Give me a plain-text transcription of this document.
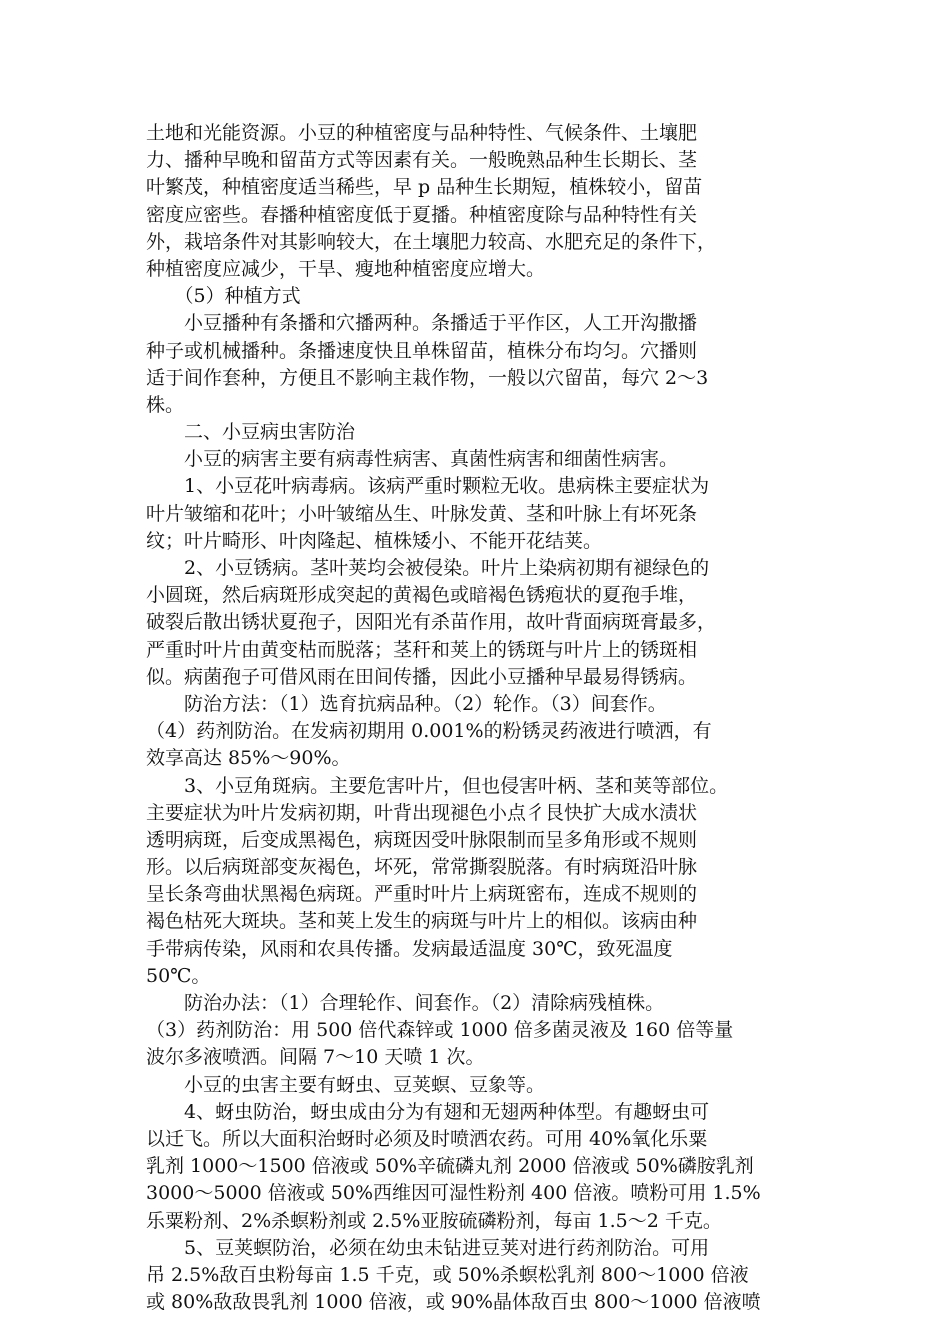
土地和光能资源。小豆的种植密度与品种特性、气候条件、土壤肥
力、播种早晚和留苗方式等因素有关。一般晚熟品种生长期长、茎
叶繁茂，种植密度适当稀些，早 p 品种生长期短，植株较小，留苗
密度应密些。春播种植密度低于夏播。种植密度除与品种特性有关
外，栽培条件对其影响较大，在土壤肥力较高、水肥充足的条件下，
种植密度应减少，干旱、瘦地种植密度应增大。
　　（5）种植方式
　　小豆播种有条播和穴播两种。条播适于平作区，人工开沟撒播
种子或机械播种。条播速度快且单株留苗，植株分布均匀。穴播则
适于间作套种，方便且不影响主栽作物，一般以穴留苗，每穴 2～3
株。
　　二、小豆病虫害防治
　　小豆的病害主要有病毒性病害、真菌性病害和细菌性病害。
　　1、小豆花叶病毒病。该病严重时颗粒无收。患病株主要症状为
叶片皱缩和花叶；小叶皱缩丛生、叶脉发黄、茎和叶脉上有坏死条
纹；叶片畸形、叶肉隆起、植株矮小、不能开花结荚。
　　2、小豆锈病。茎叶荚均会被侵染。叶片上染病初期有褪绿色的
小圆斑，然后病斑形成突起的黄褐色或暗褐色锈疱状的夏孢手堆，
破裂后散出锈状夏孢子，因阳光有杀苗作用，故叶背面病斑膏最多，
严重时叶片由黄变枯而脱落；茎秆和荚上的锈斑与叶片上的锈斑相
似。病菌孢子可借风雨在田间传播，因此小豆播种早最易得锈病。
　　防治方法：（1）选育抗病品种。（2）轮作。（3）间套作。
（4）药剂防治。在发病初期用 0.001%的粉锈灵药液进行喷洒，有
效享高达 85%～90%。
　　3、小豆角斑病。主要危害叶片，但也侵害叶柄、茎和荚等部位。
主要症状为叶片发病初期，叶背出现褪色小点彳艮快扩大成水渍状
透明病斑，后变成黑褐色，病斑因受叶脉限制而呈多角形或不规则
形。以后病斑部变灰褐色，坏死，常常撕裂脱落。有时病斑沿叶脉
呈长条弯曲状黑褐色病斑。严重时叶片上病斑密布，连成不规则的
褐色枯死大斑块。茎和荚上发生的病斑与叶片上的相似。该病由种
手带病传染，风雨和农具传播。发病最适温度 30℃，致死温度
50℃。
　　防治办法：（1）合理轮作、间套作。（2）清除病残植株。
（3）药剂防治：用 500 倍代森锌或 1000 倍多菌灵液及 160 倍等量
波尔多液喷洒。间隔 7～10 天喷 1 次。
　　小豆的虫害主要有蚜虫、豆荚螟、豆象等。
　　4、蚜虫防治，蚜虫成由分为有翅和无翅两种体型。有趣蚜虫可
以迁飞。所以大面积治蚜时必须及时喷洒农药。可用 40%氧化乐粟
乳剂 1000～1500 倍液或 50%辛硫磷丸剂 2000 倍液或 50%磷胺乳剂
3000～5000 倍液或 50%西维因可湿性粉剂 400 倍液。喷粉可用 1.5%
乐粟粉剂、2%杀螟粉剂或 2.5%亚胺硫磷粉剂，每亩 1.5～2 千克。
　　5、豆荚螟防治，必须在幼虫未钻进豆荚对进行药剂防治。可用
吊 2.5%敌百虫粉每亩 1.5 千克，或 50%杀螟松乳剂 800～1000 倍液
或 80%敌敌畏乳剂 1000 倍液，或 90%晶体敌百虫 800～1000 倍液喷
